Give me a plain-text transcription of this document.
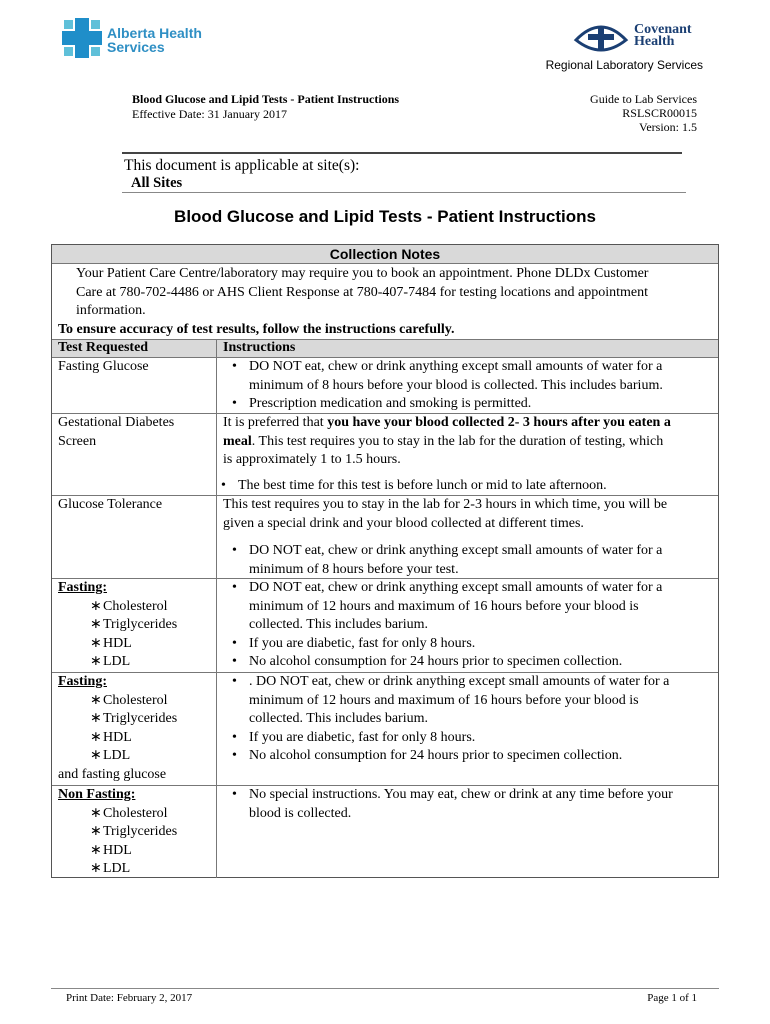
Alberta Health
Services
Covenant
Health
Regional Laboratory Services
Blood Glucose and Lipid Tests - Patient Instructions
Effective Date: 31 January 2017
Guide to Lab Services
RSLSCR00015
Version: 1.5
This document is applicable at site(s):
All Sites
Blood Glucose and Lipid Tests - Patient Instructions
Collection Notes
Your Patient Care Centre/laboratory may require you to book an appointment. Phone DLDx Customer
Care at 780-702-4486 or AHS Client Response at 780-407-7484 for testing locations and appointment
information.
To ensure accuracy of test results, follow the instructions carefully.
Test Requested	Instructions
Fasting Glucose
•	DO NOT eat, chew or drink anything except small amounts of water for a
minimum of 8 hours before your blood is collected. This includes barium.
• Prescription medication and smoking is permitted.
Gestational Diabetes
Screen
It is preferred that you have your blood collected 2- 3 hours after you eaten a
meal. This test requires you to stay in the lab for the duration of testing, which
is approximately 1 to 1.5 hours.
• The best time for this test is before lunch or mid to late afternoon.
Glucose Tolerance	This test requires you to stay in the lab for 2-3 hours in which time, you will be
given a special drink and your blood collected at different times.
• DO NOT eat, chew or drink anything except small amounts of water for a
minimum of 8 hours before your test.
Fasting:
∗ Cholesterol
∗ Triglycerides
∗ HDL
∗ LDL
• DO NOT eat, chew or drink anything except small amounts of water for a
minimum of 12 hours and maximum of 16 hours before your blood is
collected. This includes barium.
• If you are diabetic, fast for only 8 hours.
• No alcohol consumption for 24 hours prior to specimen collection.
Fasting:
∗ Cholesterol
∗ Triglycerides
∗ HDL
∗ LDL
and fasting glucose
• . DO NOT eat, chew or drink anything except small amounts of water for a
minimum of 12 hours and maximum of 16 hours before your blood is
collected. This includes barium.
• If you are diabetic, fast for only 8 hours.
• No alcohol consumption for 24 hours prior to specimen collection.
Non Fasting:
∗ Cholesterol
∗ Triglycerides
∗ HDL
∗ LDL
• No special instructions. You may eat, chew or drink at any time before your
blood is collected.
Print Date: February 2, 2017	Page 1 of 1
